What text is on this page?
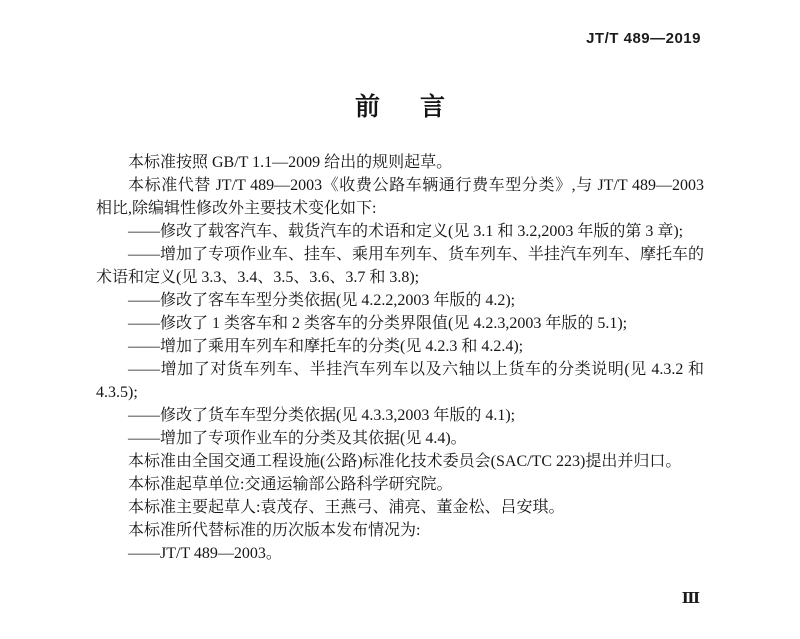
JT/T 489—2019
前言

本标准按照 GB/T 1.1—2009 给出的规则起草。

本标准代替 JT/T 489—2003《收费公路车辆通行费车型分类》,与 JT/T 489—2003 相比,除编辑性修改外主要技术变化如下:

——修改了载客汽车、载货汽车的术语和定义(见 3.1 和 3.2,2003 年版的第 3 章);

——增加了专项作业车、挂车、乘用车列车、货车列车、半挂汽车列车、摩托车的术语和定义(见 3.3、3.4、3.5、3.6、3.7 和 3.8);

——修改了客车车型分类依据(见 4.2.2,2003 年版的 4.2);

——修改了 1 类客车和 2 类客车的分类界限值(见 4.2.3,2003 年版的 5.1);

——增加了乘用车列车和摩托车的分类(见 4.2.3 和 4.2.4);

——增加了对货车列车、半挂汽车列车以及六轴以上货车的分类说明(见 4.3.2 和 4.3.5);

——修改了货车车型分类依据(见 4.3.3,2003 年版的 4.1);

——增加了专项作业车的分类及其依据(见 4.4)。

本标准由全国交通工程设施(公路)标准化技术委员会(SAC/TC 223)提出并归口。

本标准起草单位:交通运输部公路科学研究院。

本标准主要起草人:袁茂存、王燕弓、浦亮、董金松、吕安琪。

本标准所代替标准的历次版本发布情况为:

——JT/T 489—2003。

Ⅲ
